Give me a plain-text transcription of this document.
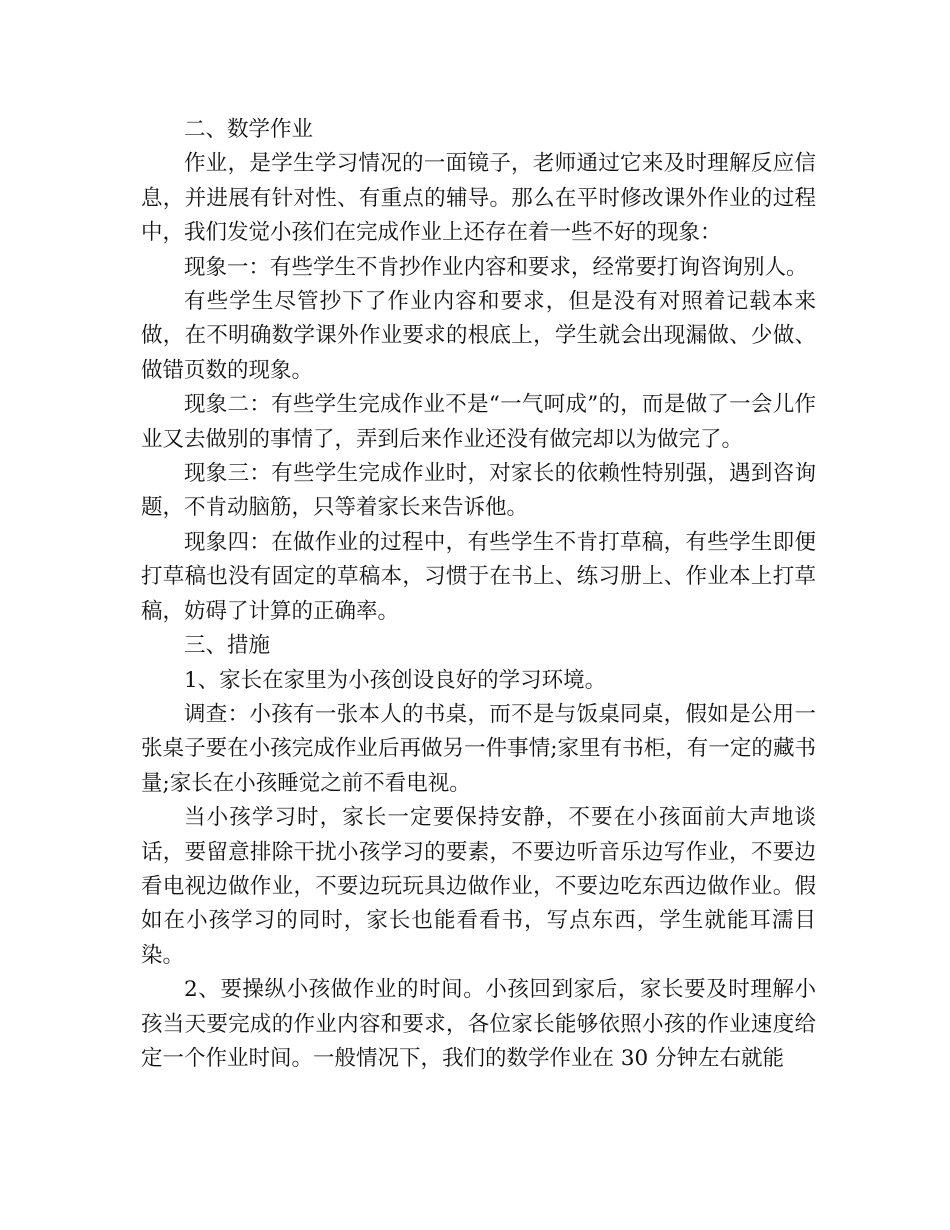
二、数学作业

作业，是学生学习情况的一面镜子，老师通过它来及时理解反应信息，并进展有针对性、有重点的辅导。那么在平时修改课外作业的过程中，我们发觉小孩们在完成作业上还存在着一些不好的现象：

现象一：有些学生不肯抄作业内容和要求，经常要打询咨询别人。

有些学生尽管抄下了作业内容和要求，但是没有对照着记载本来做，在不明确数学课外作业要求的根底上，学生就会出现漏做、少做、做错页数的现象。

现象二：有些学生完成作业不是“一气呵成”的，而是做了一会儿作业又去做别的事情了，弄到后来作业还没有做完却以为做完了。

现象三：有些学生完成作业时，对家长的依赖性特别强，遇到咨询题，不肯动脑筋，只等着家长来告诉他。

现象四：在做作业的过程中，有些学生不肯打草稿，有些学生即便打草稿也没有固定的草稿本，习惯于在书上、练习册上、作业本上打草稿，妨碍了计算的正确率。

三、措施

1、家长在家里为小孩创设良好的学习环境。

调查：小孩有一张本人的书桌，而不是与饭桌同桌，假如是公用一张桌子要在小孩完成作业后再做另一件事情;家里有书柜，有一定的藏书量;家长在小孩睡觉之前不看电视。

当小孩学习时，家长一定要保持安静，不要在小孩面前大声地谈话，要留意排除干扰小孩学习的要素，不要边听音乐边写作业，不要边看电视边做作业，不要边玩玩具边做作业，不要边吃东西边做作业。假如在小孩学习的同时，家长也能看看书，写点东西，学生就能耳濡目染。

2、要操纵小孩做作业的时间。小孩回到家后，家长要及时理解小孩当天要完成的作业内容和要求，各位家长能够依照小孩的作业速度给定一个作业时间。一般情况下，我们的数学作业在 30 分钟左右就能
